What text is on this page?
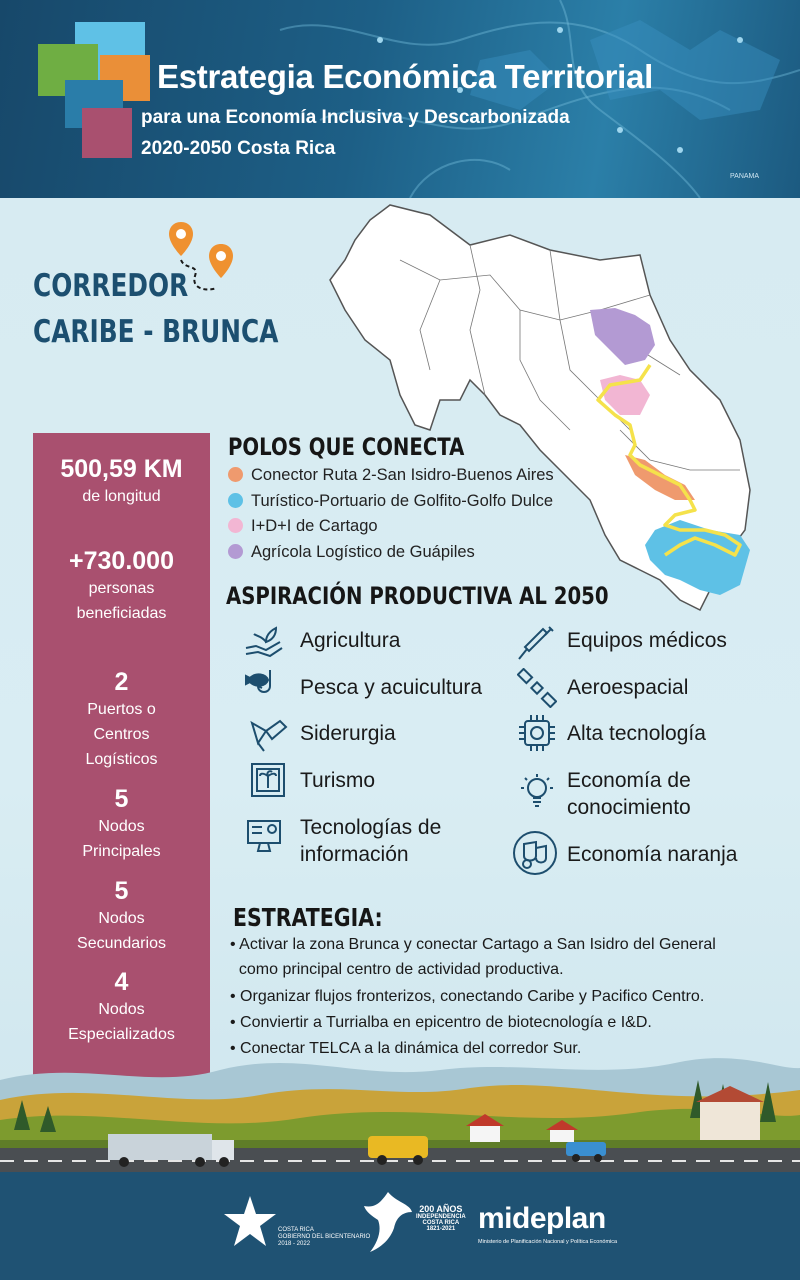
PANAMA
Estrategia Económica Territorial
para una Economía Inclusiva y Descarbonizada
2020-2050 Costa Rica
CORREDOR
CARIBE - BRUNCA
500,59 KM
de longitud
+730.000
personas
beneficiadas
2
Puertos o
Centros
Logísticos
5
Nodos
Principales
5
Nodos
Secundarios
4
Nodos
Especializados
POLOS QUE CONECTA
Conector Ruta 2-San Isidro-Buenos Aires
Turístico-Portuario de Golfito-Golfo Dulce
I+D+I de Cartago
Agrícola Logístico de Guápiles
ASPIRACIÓN PRODUCTIVA AL 2050
Agricultura
Pesca y acuicultura
Siderurgia
Turismo
Tecnologías de
información
Equipos médicos
Aeroespacial
Alta tecnología
Economía de
conocimiento
Economía naranja
ESTRATEGIA:
• Activar la zona Brunca y conectar Cartago a San Isidro del General
como principal centro de actividad productiva.
• Organizar flujos fronterizos, conectando Caribe y Pacifico Centro.
• Conviertir a Turrialba en epicentro de biotecnología e I&D.
• Conectar TELCA a la dinámica del corredor Sur.
COSTA RICA
GOBIERNO DEL BICENTENARIO
2018 - 2022
200 AÑOS
INDEPENDENCIA
COSTA RICA
1821-2021 mideplan
Ministerio de Planificación Nacional y Política Económica
